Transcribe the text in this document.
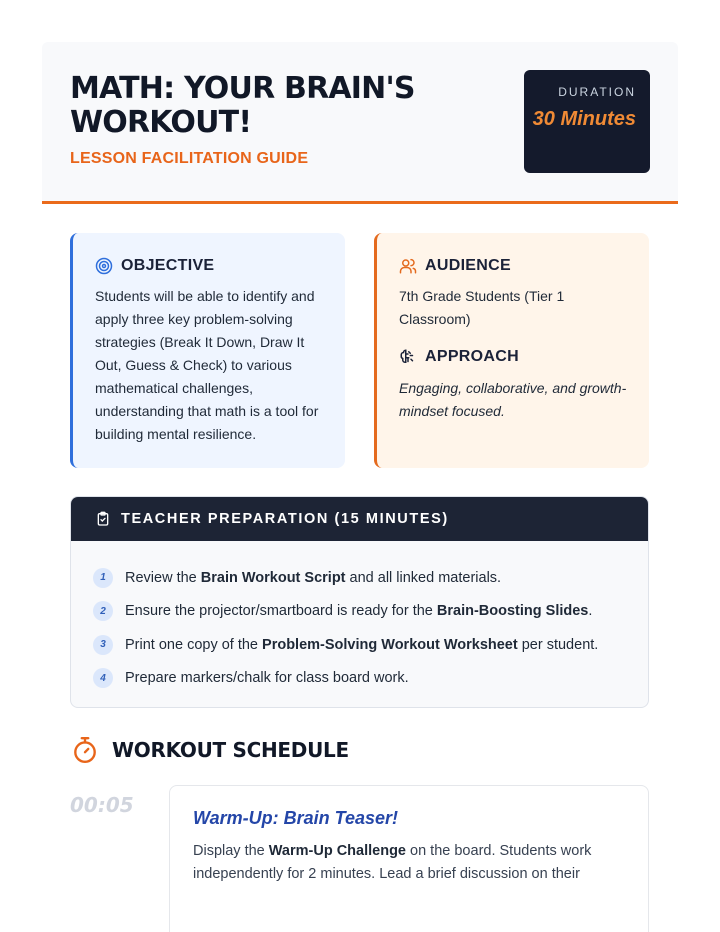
MATH: YOUR BRAIN'S WORKOUT!
LESSON FACILITATION GUIDE
DURATION
30 Minutes
OBJECTIVE
Students will be able to identify and apply three key problem-solving strategies (Break It Down, Draw It Out, Guess & Check) to various mathematical challenges, understanding that math is a tool for building mental resilience.
AUDIENCE
7th Grade Students (Tier 1 Classroom)
APPROACH
Engaging, collaborative, and growth-mindset focused.
TEACHER PREPARATION (15 MINUTES)
1	Review the Brain Workout Script and all linked materials.
2	Ensure the projector/smartboard is ready for the Brain-Boosting Slides.
3	Print one copy of the Problem-Solving Workout Worksheet per student.
4	Prepare markers/chalk for class board work.
WORKOUT SCHEDULE
00:05
Warm-Up: Brain Teaser!
Display the Warm-Up Challenge on the board. Students work independently for 2 minutes. Lead a brief discussion on their
